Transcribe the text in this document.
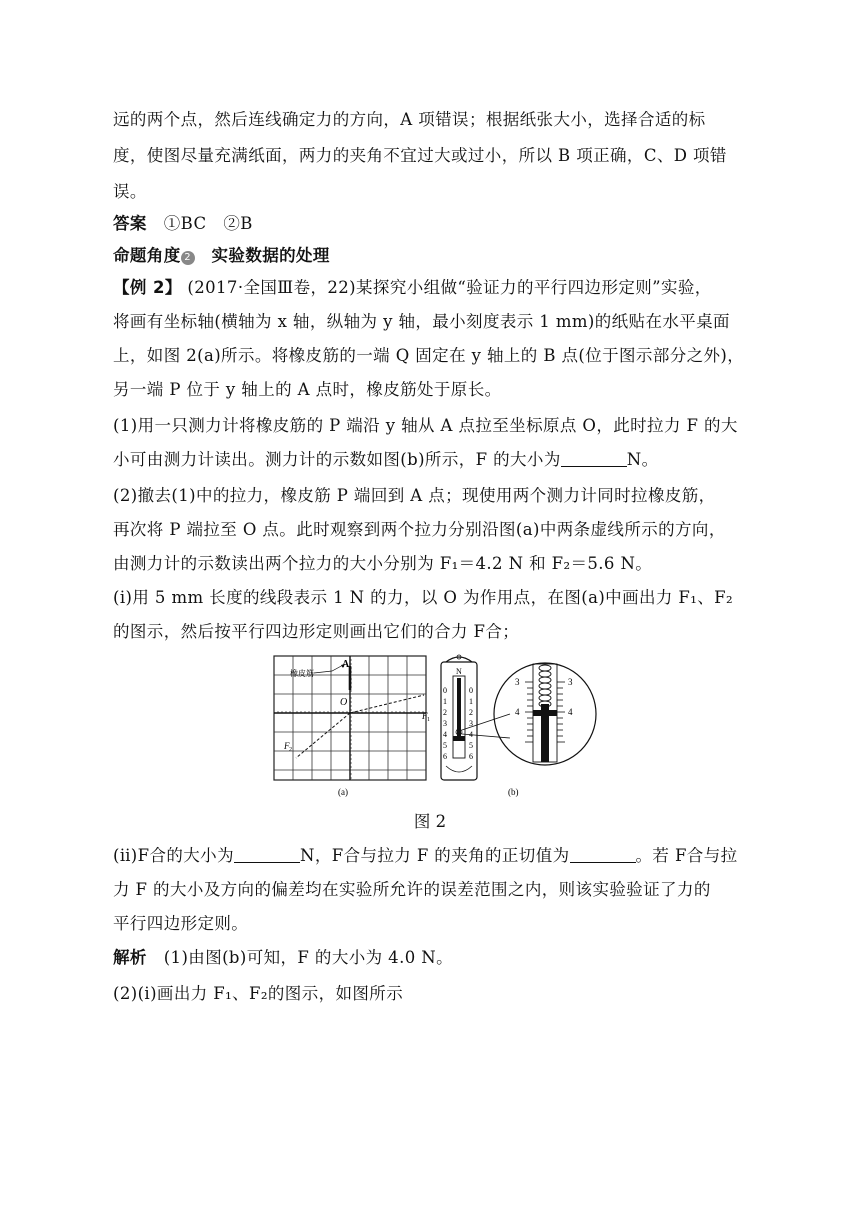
远的两个点，然后连线确定力的方向，A 项错误；根据纸张大小，选择合适的标
度，使图尽量充满纸面，两力的夹角不宜过大或过小，所以 B 项正确，C、D 项错
误。
答案　 ①BC　②B
命题角度 2　 实验数据的处理
【例 2】 (2017·全国Ⅲ卷，22)某探究小组做“验证力的平行四边形定则”实验，
将画有坐标轴(横轴为 x 轴，纵轴为 y 轴，最小刻度表示 1 mm)的纸贴在水平桌面
上，如图 2(a)所示。将橡皮筋的一端 Q 固定在 y 轴上的 B 点(位于图示部分之外)，
另一端 P 位于 y 轴上的 A 点时，橡皮筋处于原长。
(1)用一只测力计将橡皮筋的 P 端沿 y 轴从 A 点拉至坐标原点 O，此时拉力 F 的大
小可由测力计读出。测力计的示数如图(b)所示，F 的大小为	N。
(2)撤去(1)中的拉力，橡皮筋 P 端回到 A 点；现使用两个测力计同时拉橡皮筋，
再次将 P 端拉至 O 点。此时观察到两个拉力分别沿图(a)中两条虚线所示的方向，
由测力计的示数读出两个拉力的大小分别为 F₁＝4.2 N 和 F₂＝5.6 N。
(ⅰ)用 5 mm 长度的线段表示 1 N 的力，以 O 为作用点，在图(a)中画出力 F₁、F₂
的图示，然后按平行四边形定则画出它们的合力 F合；
A
橡皮筋
O
F 1
F 2
(a)
N
0
1
2
3
4
5
6
0
1
2
3
5
6
3
4
3
4
(b)
图 2
(ⅱ)F合的大小为	N，F合与拉力 F 的夹角的正切值为	。若 F合与拉
力 F 的大小及方向的偏差均在实验所允许的误差范围之内，则该实验验证了力的
平行四边形定则。
解析　 (1)由图(b)可知，F 的大小为 4.0 N。
(2)(ⅰ)画出力 F₁、F₂的图示，如图所示
